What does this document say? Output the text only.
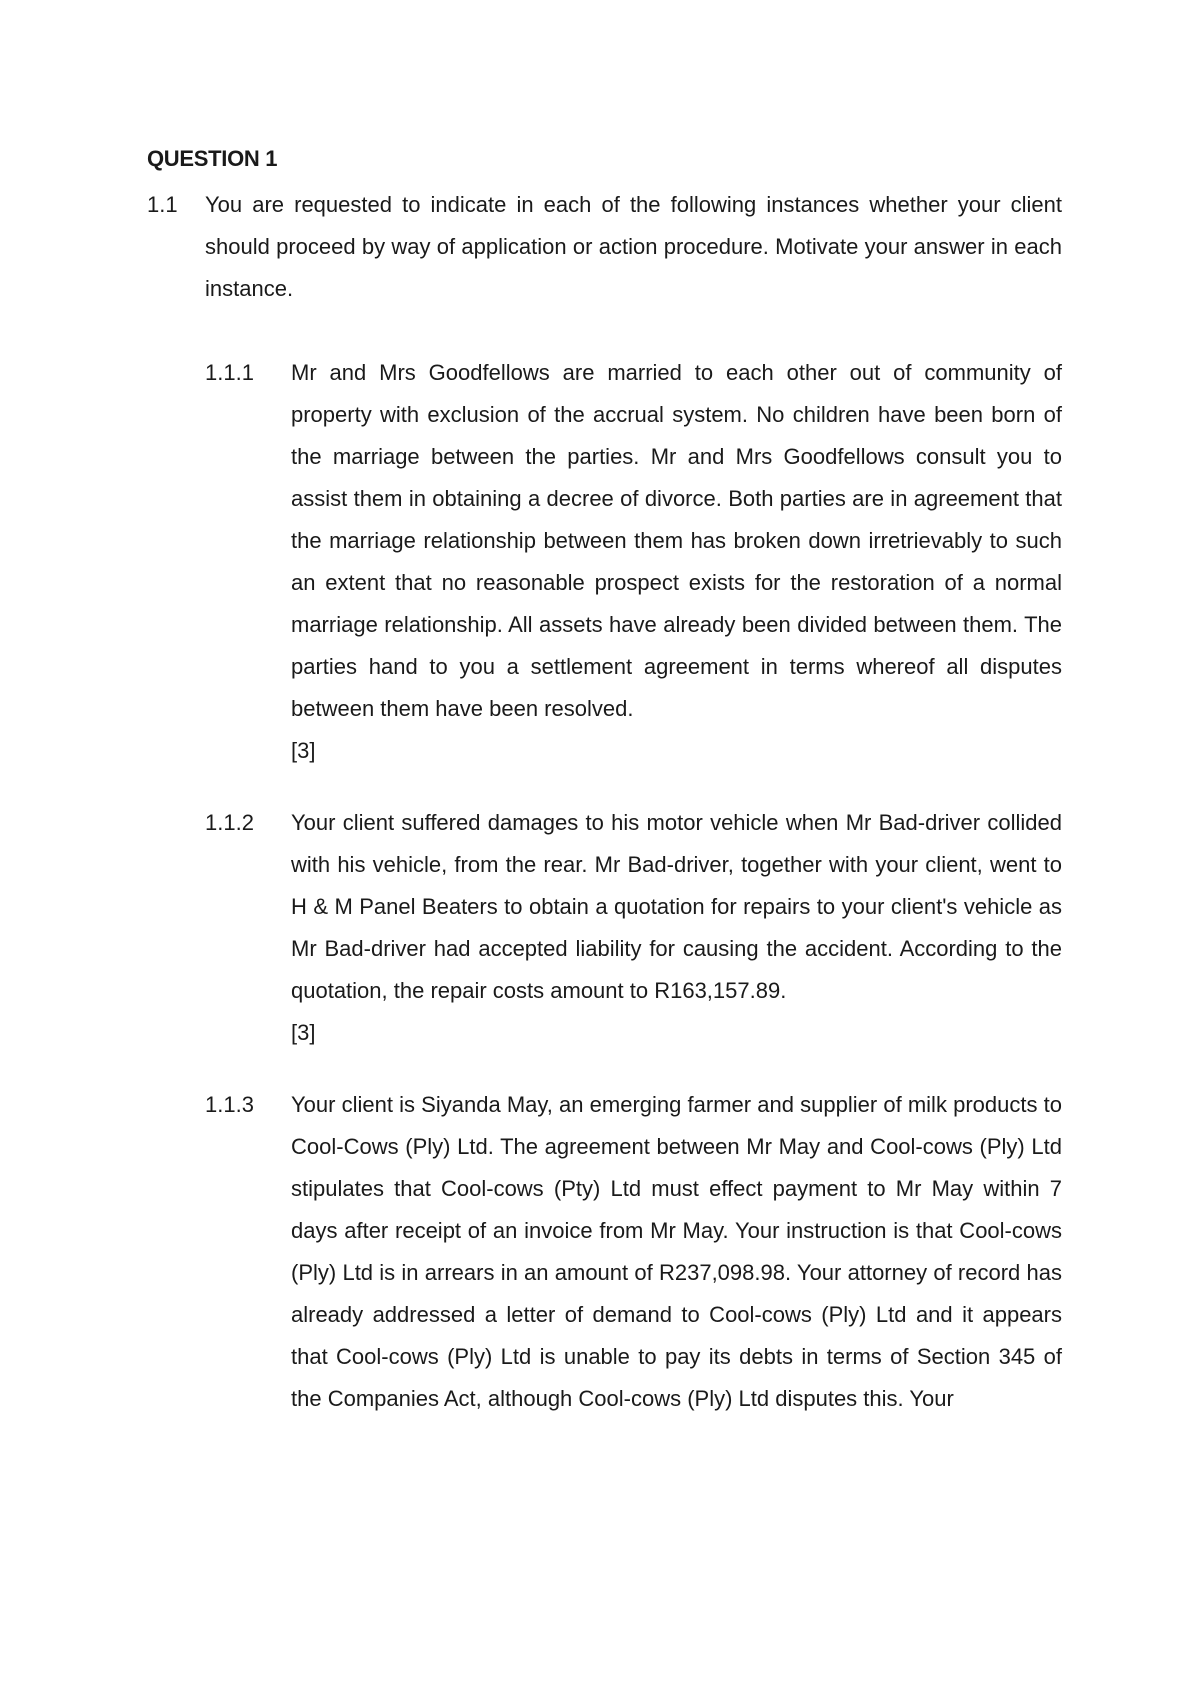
QUESTION 1
1.1	You are requested to indicate in each of the following instances whether your client should proceed by way of application or action procedure. Motivate your answer in each instance.
1.1.1	Mr and Mrs Goodfellows are married to each other out of community of property with exclusion of the accrual system. No children have been born of the marriage between the parties. Mr and Mrs Goodfellows consult you to assist them in obtaining a decree of divorce. Both parties are in agreement that the marriage relationship between them has broken down irretrievably to such an extent that no reasonable prospect exists for the restoration of a normal marriage relationship. All assets have already been divided between them. The parties hand to you a settlement agreement in terms whereof all disputes between them have been resolved.
[3]
1.1.2	Your client suffered damages to his motor vehicle when Mr Bad-driver collided with his vehicle, from the rear. Mr Bad-driver, together with your client, went to H & M Panel Beaters to obtain a quotation for repairs to your client's vehicle as Mr Bad-driver had accepted liability for causing the accident. According to the quotation, the repair costs amount to R163,157.89.
[3]
1.1.3	Your client is Siyanda May, an emerging farmer and supplier of milk products to Cool-Cows (Ply) Ltd. The agreement between Mr May and Cool-cows (Ply) Ltd stipulates that Cool-cows (Pty) Ltd must effect payment to Mr May within 7 days after receipt of an invoice from Mr May. Your instruction is that Cool-cows (Ply) Ltd is in arrears in an amount of R237,098.98. Your attorney of record has already addressed a letter of demand to Cool-cows (Ply) Ltd and it appears that Cool-cows (Ply) Ltd is unable to pay its debts in terms of Section 345 of the Companies Act, although Cool-cows (Ply) Ltd disputes this. Your
